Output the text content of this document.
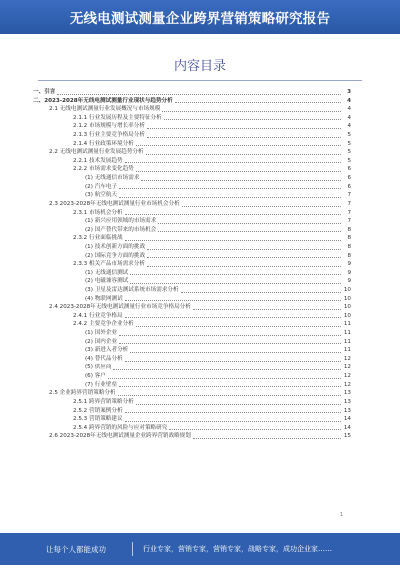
无线电测试测量企业跨界营销策略研究报告
内容目录
一、引言	3
二、2023-2028年无线电测试测量行业现状与趋势分析	4
2.1 无线电测试测量行业发展概况与市场规模	4
2.1.1 行业发展历程及主要特征分析	4
2.1.2 市场规模与增长率分析	4
2.1.3 行业主要竞争格局分析	5
2.1.4 行业政策环境分析	5
2.2 无线电测试测量行业发展趋势分析	5
2.2.1 技术发展趋势	5
2.2.2 市场需求变化趋势	6
(1) 无线通信市场需求	6
(2) 汽车电子	6
(3) 航空航天	7
2.3 2023-2028年无线电测试测量行业市场机会分析	7
2.3.1 市场机会分析	7
(1) 新兴应用领域的市场需求	7
(2) 国产替代带来的市场机会	8
2.3.2 行业面临挑战	8
(1) 技术创新方面的挑战	8
(2) 国际竞争方面的挑战	8
2.3.3 相关产品市场需求分析	9
(1) 无线通信测试	9
(2) 电磁兼容测试	9
(3) 卫星及雷达测试系统市场需求分析	10
(4) 物联网测试	10
2.4 2023-2028年无线电测试测量行业市场竞争格局分析	10
2.4.1 行业竞争格局	10
2.4.2 主要竞争企业分析	11
(1) 国外企业	11
(2) 国内企业	11
(3) 新进入者分析	11
(4) 替代品分析	12
(5) 供应商	12
(6) 客户	12
(7) 行业壁垒	12
2.5 企业跨界营销策略分析	13
2.5.1 跨界营销策略分析	13
2.5.2 营销案例分析	13
2.5.3 营销策略建议	14
2.5.4 跨界营销的风险与应对策略研究	14
2.6 2023-2028年无线电测试测量企业跨界营销战略规划	15
1
让每个人都能成功	行业专家，营销专家，营销专家，战略专家，成功企业家……
